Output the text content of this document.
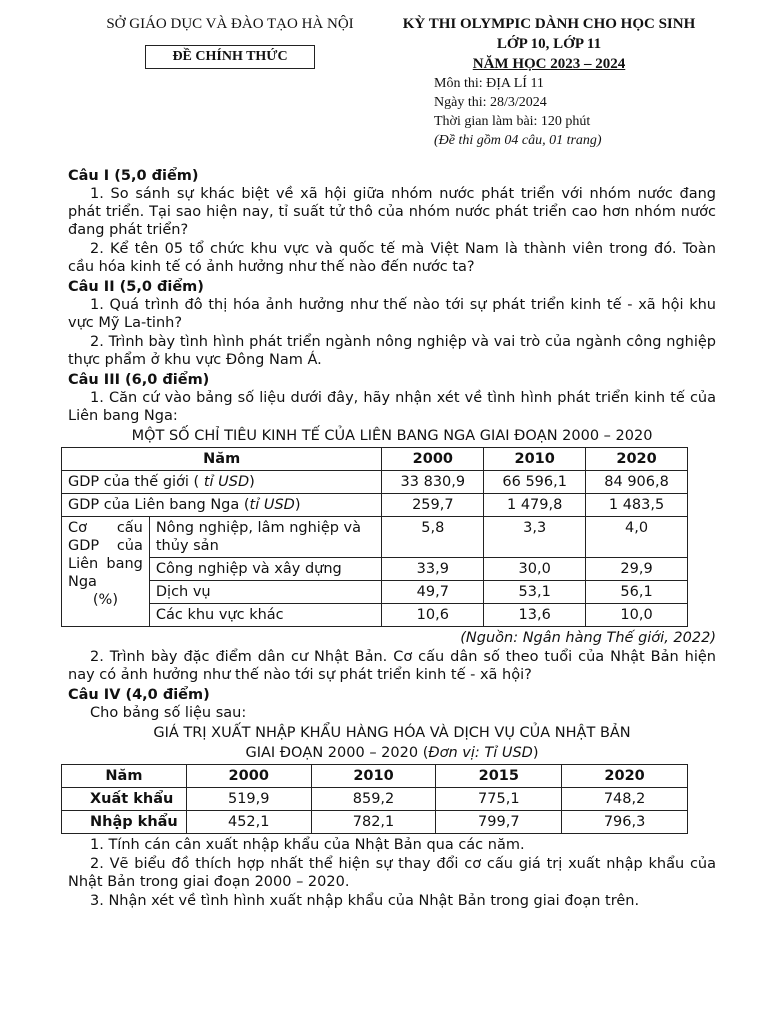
SỞ GIÁO DỤC VÀ ĐÀO TẠO HÀ NỘI
ĐỀ CHÍNH THỨC
KỲ THI OLYMPIC DÀNH CHO HỌC SINH
LỚP 10, LỚP 11
NĂM HỌC 2023 – 2024
Môn thi: ĐỊA LÍ 11
Ngày thi: 28/3/2024
Thời gian làm bài: 120 phút
(Đề thi gồm 04 câu, 01 trang)
Câu I (5,0 điểm)

1. So sánh sự khác biệt về xã hội giữa nhóm nước phát triển với nhóm nước đang phát triển. Tại sao hiện nay, tỉ suất tử thô của nhóm nước phát triển cao hơn nhóm nước đang phát triển?

2. Kể tên 05 tổ chức khu vực và quốc tế mà Việt Nam là thành viên trong đó. Toàn cầu hóa kinh tế có ảnh hưởng như thế nào đến nước ta?

Câu II (5,0 điểm)

1. Quá trình đô thị hóa ảnh hưởng như thế nào tới sự phát triển kinh tế - xã hội khu vực Mỹ La-tinh?

2. Trình bày tình hình phát triển ngành nông nghiệp và vai trò của ngành công nghiệp thực phẩm ở khu vực Đông Nam Á.

Câu III (6,0 điểm)

1. Căn cứ vào bảng số liệu dưới đây, hãy nhận xét về tình hình phát triển kinh tế của Liên bang Nga:

MỘT SỐ CHỈ TIÊU KINH TẾ CỦA LIÊN BANG NGA GIAI ĐOẠN 2000 – 2020
Năm		2000	2010	2020
GDP của thế giới ( tỉ USD)		33 830,9	66 596,1	84 906,8
GDP của Liên bang Nga (tỉ USD)		259,7	1 479,8	1 483,5

Cơ cấu GDP của Liên bang Nga
(%)	Nông nghiệp, lâm nghiệp và thủy sản	5,8	3,3	4,0
	Công nghiệp và xây dựng	33,9	30,0	29,9
	Dịch vụ	49,7	53,1	56,1
	Các khu vực khác	10,6	13,6	10,0
(Nguồn: Ngân hàng Thế giới, 2022)

2. Trình bày đặc điểm dân cư Nhật Bản. Cơ cấu dân số theo tuổi của Nhật Bản hiện nay có ảnh hưởng như thế nào tới sự phát triển kinh tế - xã hội?

Câu IV (4,0 điểm)

Cho bảng số liệu sau:

GIÁ TRỊ XUẤT NHẬP KHẨU HÀNG HÓA VÀ DỊCH VỤ CỦA NHẬT BẢN
GIAI ĐOẠN 2000 – 2020 (Đơn vị: Tỉ USD)
Năm	2000	2010	2015	2020
Xuất khẩu	519,9	859,2	775,1	748,2
Nhập khẩu	452,1	782,1	799,7	796,3

1. Tính cán cân xuất nhập khẩu của Nhật Bản qua các năm.

2. Vẽ biểu đồ thích hợp nhất thể hiện sự thay đổi cơ cấu giá trị xuất nhập khẩu của Nhật Bản trong giai đoạn 2000 – 2020.

3. Nhận xét về tình hình xuất nhập khẩu của Nhật Bản trong giai đoạn trên.
